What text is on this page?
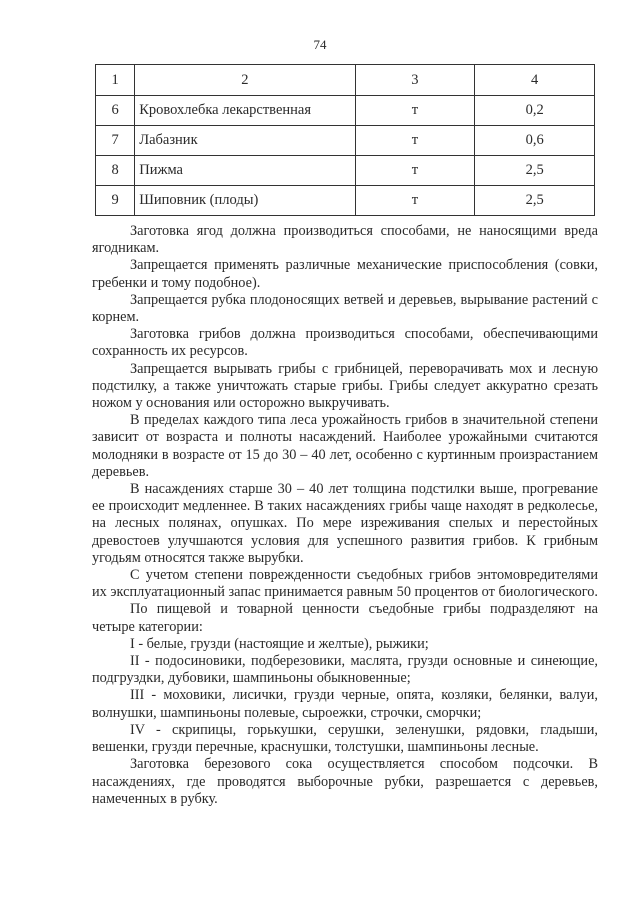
74
1	2	3	4
6	Кровохлебка лекарственная	т	0,2
7	Лабазник	т	0,6
8	Пижма	т	2,5
9	Шиповник (плоды)	т	2,5

Заготовка ягод должна производиться способами, не наносящими вреда ягодникам.

Запрещается применять различные механические приспособления (совки, гребенки и тому подобное).

Запрещается рубка плодоносящих ветвей и деревьев, вырывание растений с корнем.

Заготовка грибов должна производиться способами, обеспечивающими сохранность их ресурсов.

Запрещается вырывать грибы с грибницей, переворачивать мох и лесную подстилку, а также уничтожать старые грибы. Грибы следует аккуратно срезать ножом у основания или осторожно выкручивать.

В пределах каждого типа леса урожайность грибов в значительной степени зависит от возраста и полноты насаждений. Наиболее урожайными считаются молодняки в возрасте от 15 до 30 – 40 лет, особенно с куртинным произрастанием деревьев.

В насаждениях старше 30 – 40 лет толщина подстилки выше, прогревание ее происходит медленнее. В таких насаждениях грибы чаще находят в редколесье, на лесных полянах, опушках. По мере изреживания спелых и перестойных древостоев улучшаются условия для успешного развития грибов. К грибным угодьям относятся также вырубки.

С учетом степени поврежденности съедобных грибов энтомовредителями их эксплуатационный запас принимается равным 50 процентов от биологического.

По пищевой и товарной ценности съедобные грибы подразделяют на четыре категории:

I - белые, грузди (настоящие и желтые), рыжики;

II - подосиновики, подберезовики, маслята, грузди основные и синеющие, подгруздки, дубовики, шампиньоны обыкновенные;

III - моховики, лисички, грузди черные, опята, козляки, белянки, валуи, волнушки, шампиньоны полевые, сыроежки, строчки, сморчки;

IV - скрипицы, горькушки, серушки, зеленушки, рядовки, гладыши, вешенки, грузди перечные, краснушки, толстушки, шампиньоны лесные.

Заготовка березового сока осуществляется способом подсочки. В насаждениях, где проводятся выборочные рубки, разрешается с деревьев, намеченных в рубку.
